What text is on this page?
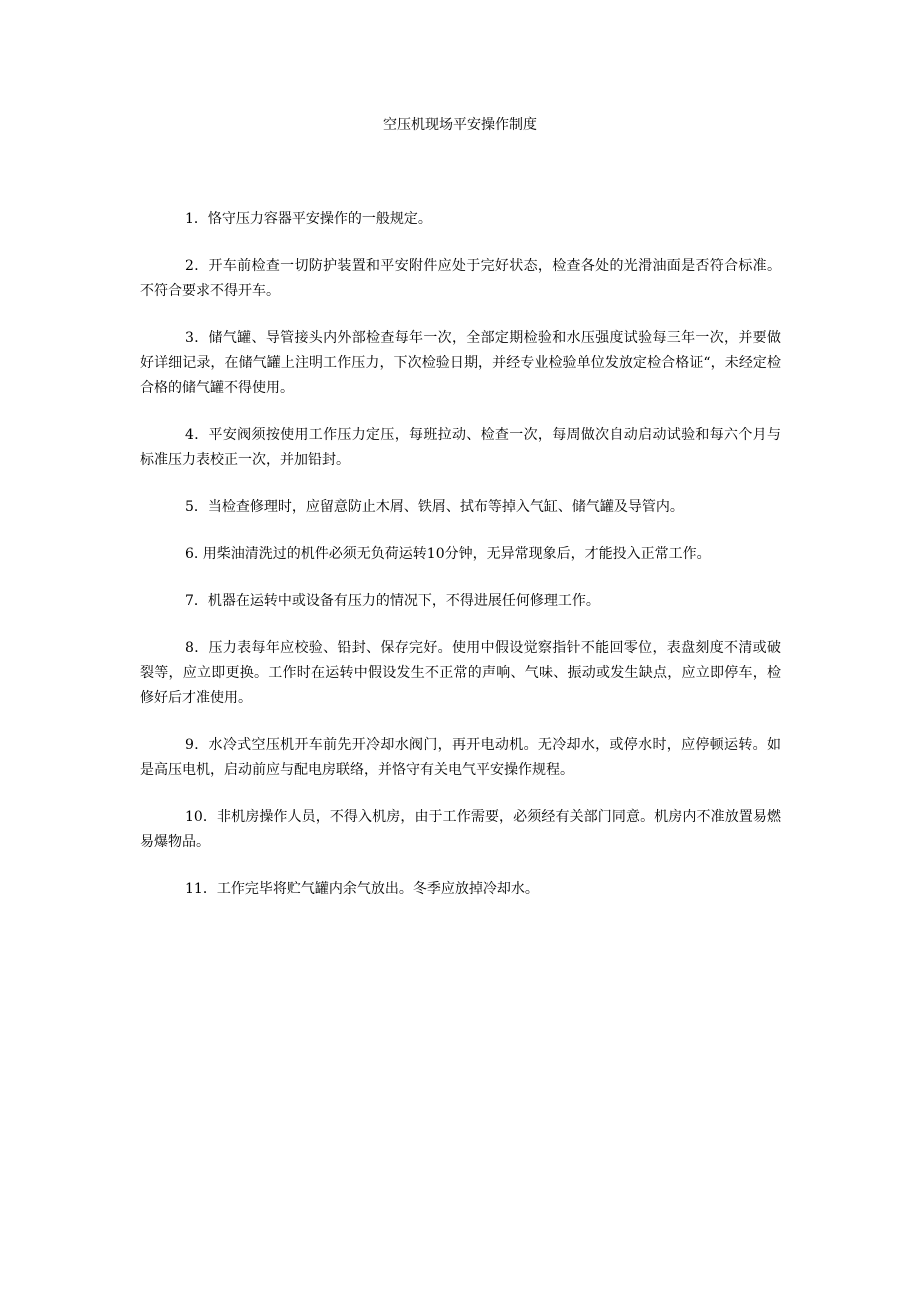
空压机现场平安操作制度

1．恪守压力容器平安操作的一般规定。

2．开车前检查一切防护装置和平安附件应处于完好状态，检查各处的光滑油面是否符合标准。不符合要求不得开车。

3．储气罐、导管接头内外部检查每年一次，全部定期检验和水压强度试验每三年一次，并要做好详细记录，在储气罐上注明工作压力，下次检验日期，并经专业检验单位发放定检合格证“，未经定检合格的储气罐不得使用。

4．平安阀须按使用工作压力定压，每班拉动、检查一次，每周做次自动启动试验和每六个月与标准压力表校正一次，并加铅封。

5．当检查修理时，应留意防止木屑、铁屑、拭布等掉入气缸、储气罐及导管内。

6. 用柴油清洗过的机件必须无负荷运转10分钟，无异常现象后，才能投入正常工作。

7．机器在运转中或设备有压力的情况下，不得进展任何修理工作。

8．压力表每年应校验、铅封、保存完好。使用中假设觉察指针不能回零位，表盘刻度不清或破裂等，应立即更换。工作时在运转中假设发生不正常的声响、气味、振动或发生缺点，应立即停车，检修好后才准使用。

9．水冷式空压机开车前先开冷却水阀门，再开电动机。无冷却水，或停水时，应停顿运转。如是高压电机，启动前应与配电房联络，并恪守有关电气平安操作规程。

10．非机房操作人员，不得入机房，由于工作需要，必须经有关部门同意。机房内不准放置易燃易爆物品。

11．工作完毕将贮气罐内余气放出。冬季应放掉冷却水。
